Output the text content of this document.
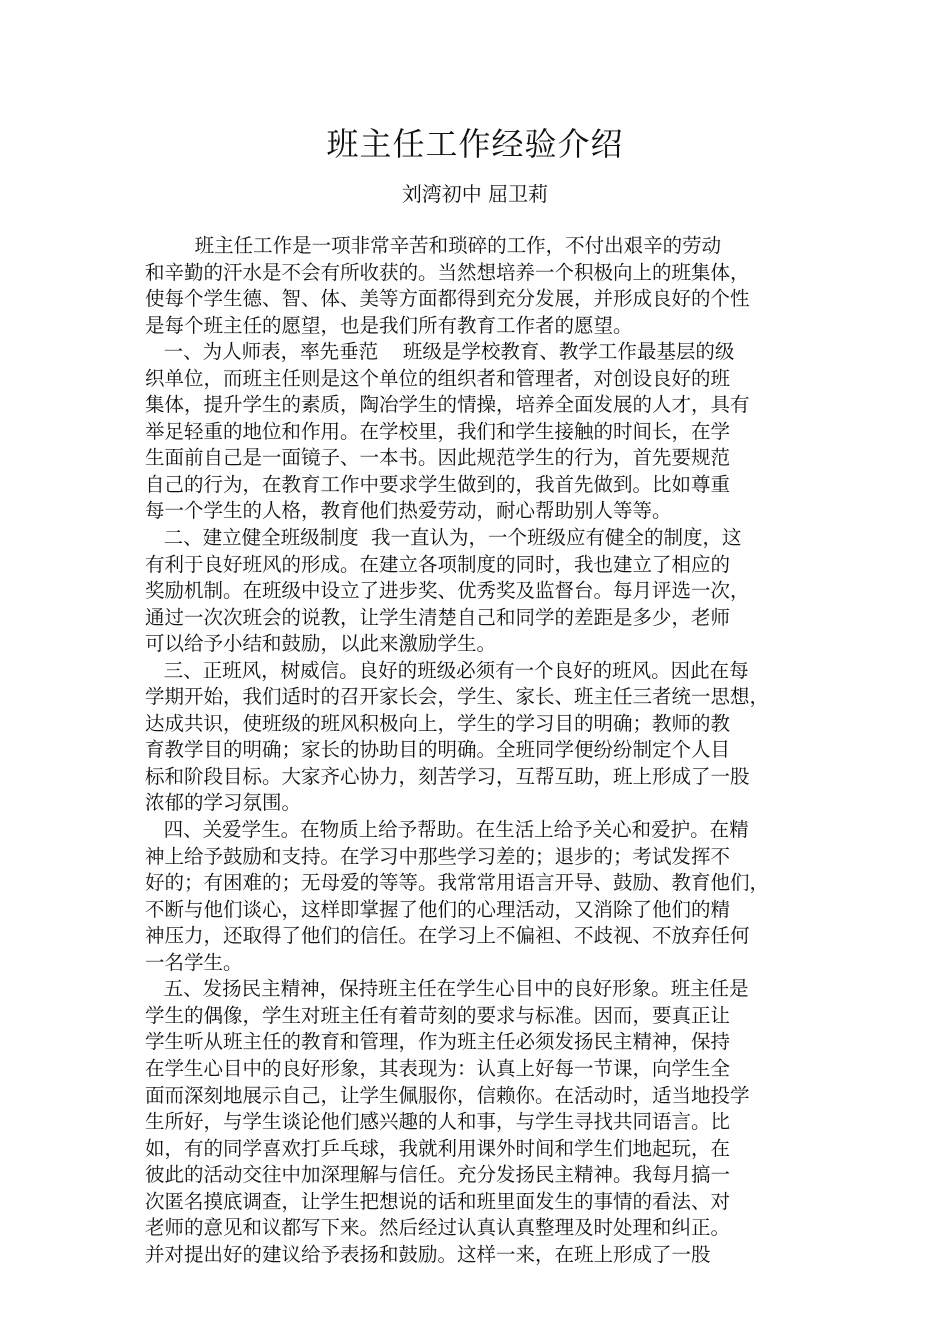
班主任工作经验介绍
刘湾初中 屈卫莉
班主任工作是一项非常辛苦和琐碎的工作，不付出艰辛的劳动
和辛勤的汗水是不会有所收获的。当然想培养一个积极向上的班集体，
使每个学生德、智、体、美等方面都得到充分发展，并形成良好的个性
是每个班主任的愿望，也是我们所有教育工作者的愿望。
一、为人师表，率先垂范    班级是学校教育、教学工作最基层的级
织单位，而班主任则是这个单位的组织者和管理者，对创设良好的班
集体，提升学生的素质，陶冶学生的情操，培养全面发展的人才，具有
举足轻重的地位和作用。在学校里，我们和学生接触的时间长，在学
生面前自己是一面镜子、一本书。因此规范学生的行为，首先要规范
自己的行为，在教育工作中要求学生做到的，我首先做到。比如尊重
每一个学生的人格，教育他们热爱劳动，耐心帮助别人等等。
二、建立健全班级制度  我一直认为，一个班级应有健全的制度，这
有利于良好班风的形成。在建立各项制度的同时，我也建立了相应的
奖励机制。在班级中设立了进步奖、优秀奖及监督台。每月评选一次，
通过一次次班会的说教，让学生清楚自己和同学的差距是多少，老师
可以给予小结和鼓励，以此来激励学生。
三、正班风，树威信。良好的班级必须有一个良好的班风。因此在每
学期开始，我们适时的召开家长会，学生、家长、班主任三者统一思想，
达成共识，使班级的班风积极向上，学生的学习目的明确；教师的教
育教学目的明确；家长的协助目的明确。全班同学便纷纷制定个人目
标和阶段目标。大家齐心协力，刻苦学习，互帮互助，班上形成了一股
浓郁的学习氛围。
四、关爱学生。在物质上给予帮助。在生活上给予关心和爱护。在精
神上给予鼓励和支持。在学习中那些学习差的；退步的；考试发挥不
好的；有困难的；无母爱的等等。我常常用语言开导、鼓励、教育他们，
不断与他们谈心，这样即掌握了他们的心理活动，又消除了他们的精
神压力，还取得了他们的信任。在学习上不偏袒、不歧视、不放弃任何
一名学生。
五、发扬民主精神，保持班主任在学生心目中的良好形象。班主任是
学生的偶像，学生对班主任有着苛刻的要求与标准。因而，要真正让
学生听从班主任的教育和管理，作为班主任必须发扬民主精神，保持
在学生心目中的良好形象，其表现为：认真上好每一节课，向学生全
面而深刻地展示自己，让学生佩服你，信赖你。在活动时，适当地投学
生所好，与学生谈论他们感兴趣的人和事，与学生寻找共同语言。比
如，有的同学喜欢打乒乓球，我就利用课外时间和学生们地起玩，在
彼此的活动交往中加深理解与信任。充分发扬民主精神。我每月搞一
次匿名摸底调查，让学生把想说的话和班里面发生的事情的看法、对
老师的意见和议都写下来。然后经过认真认真整理及时处理和纠正。
并对提出好的建议给予表扬和鼓励。这样一来，在班上形成了一股
